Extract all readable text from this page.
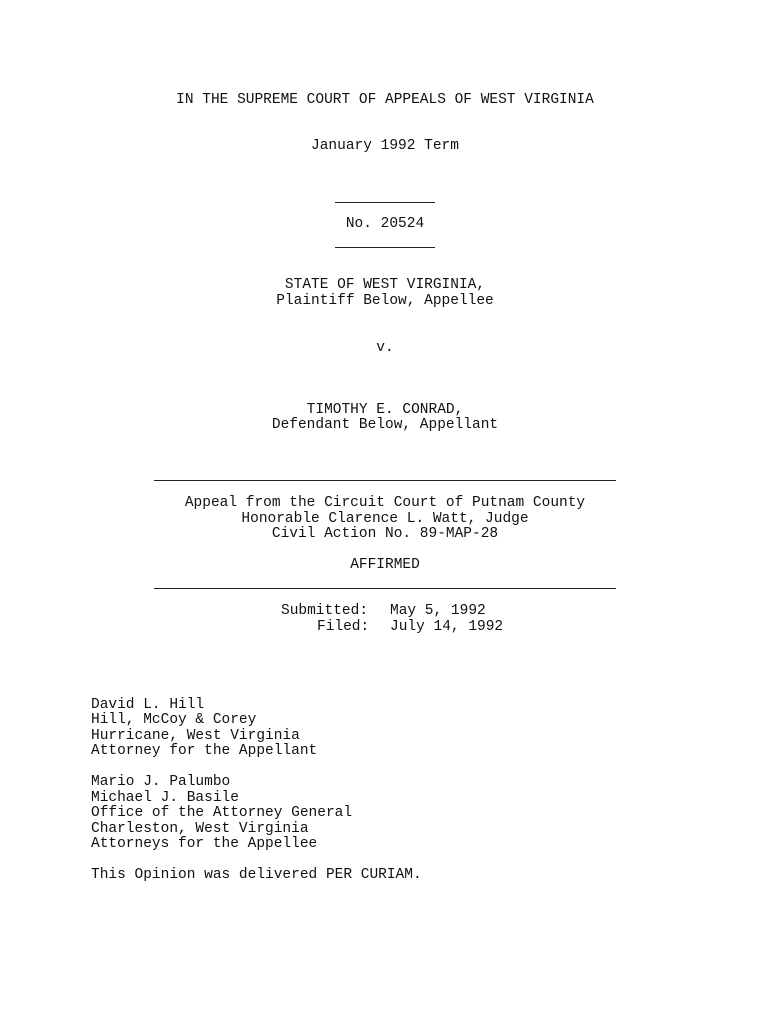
IN THE SUPREME COURT OF APPEALS OF WEST VIRGINIA
January 1992 Term
No. 20524
STATE OF WEST VIRGINIA,
Plaintiff Below, Appellee
v.
TIMOTHY E. CONRAD,
Defendant Below, Appellant
Appeal from the Circuit Court of Putnam County
Honorable Clarence L. Watt, Judge
Civil Action No. 89-MAP-28
AFFIRMED
Submitted: May 5, 1992
Filed: July 14, 1992
David L. Hill
Hill, McCoy & Corey
Hurricane, West Virginia
Attorney for the Appellant
Mario J. Palumbo
Michael J. Basile
Office of the Attorney General
Charleston, West Virginia
Attorneys for the Appellee
This Opinion was delivered PER CURIAM.
